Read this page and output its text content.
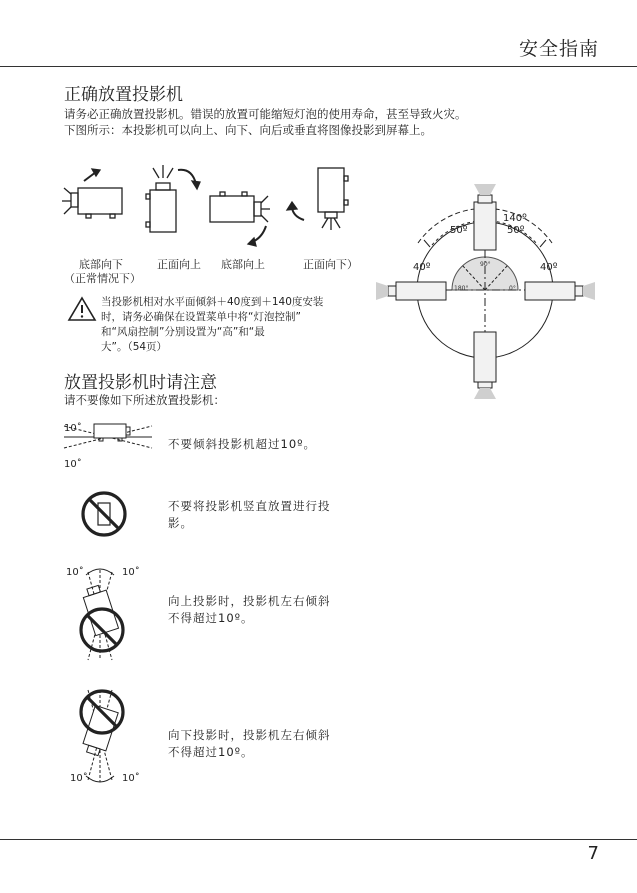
安全指南
正确放置投影机
请务必正确放置投影机。错误的放置可能缩短灯泡的使用寿命，甚至导致火灾。
下图所示：本投影机可以向上、向下、向后或垂直将图像投影到屏幕上。
底部向下	正面向上 底部向上	正面向下）
（正常情况下）
140º
50º	50º
40º	40º
90°
180°	0°
当投影机相对水平面倾斜＋40度到＋140度安装
时，请务必确保在设置菜单中将“灯泡控制”
和“风扇控制”分别设置为“高”和“最
大”。（54页）
放置投影机时请注意
请不要像如下所述放置投影机：
10˚
10˚
不要倾斜投影机超过10º。
不要将投影机竖直放置进行投
影。
10˚	10˚
向上投影时，投影机左右倾斜
不得超过10º。
10˚	10˚
向下投影时，投影机左右倾斜
不得超过10º。
7
